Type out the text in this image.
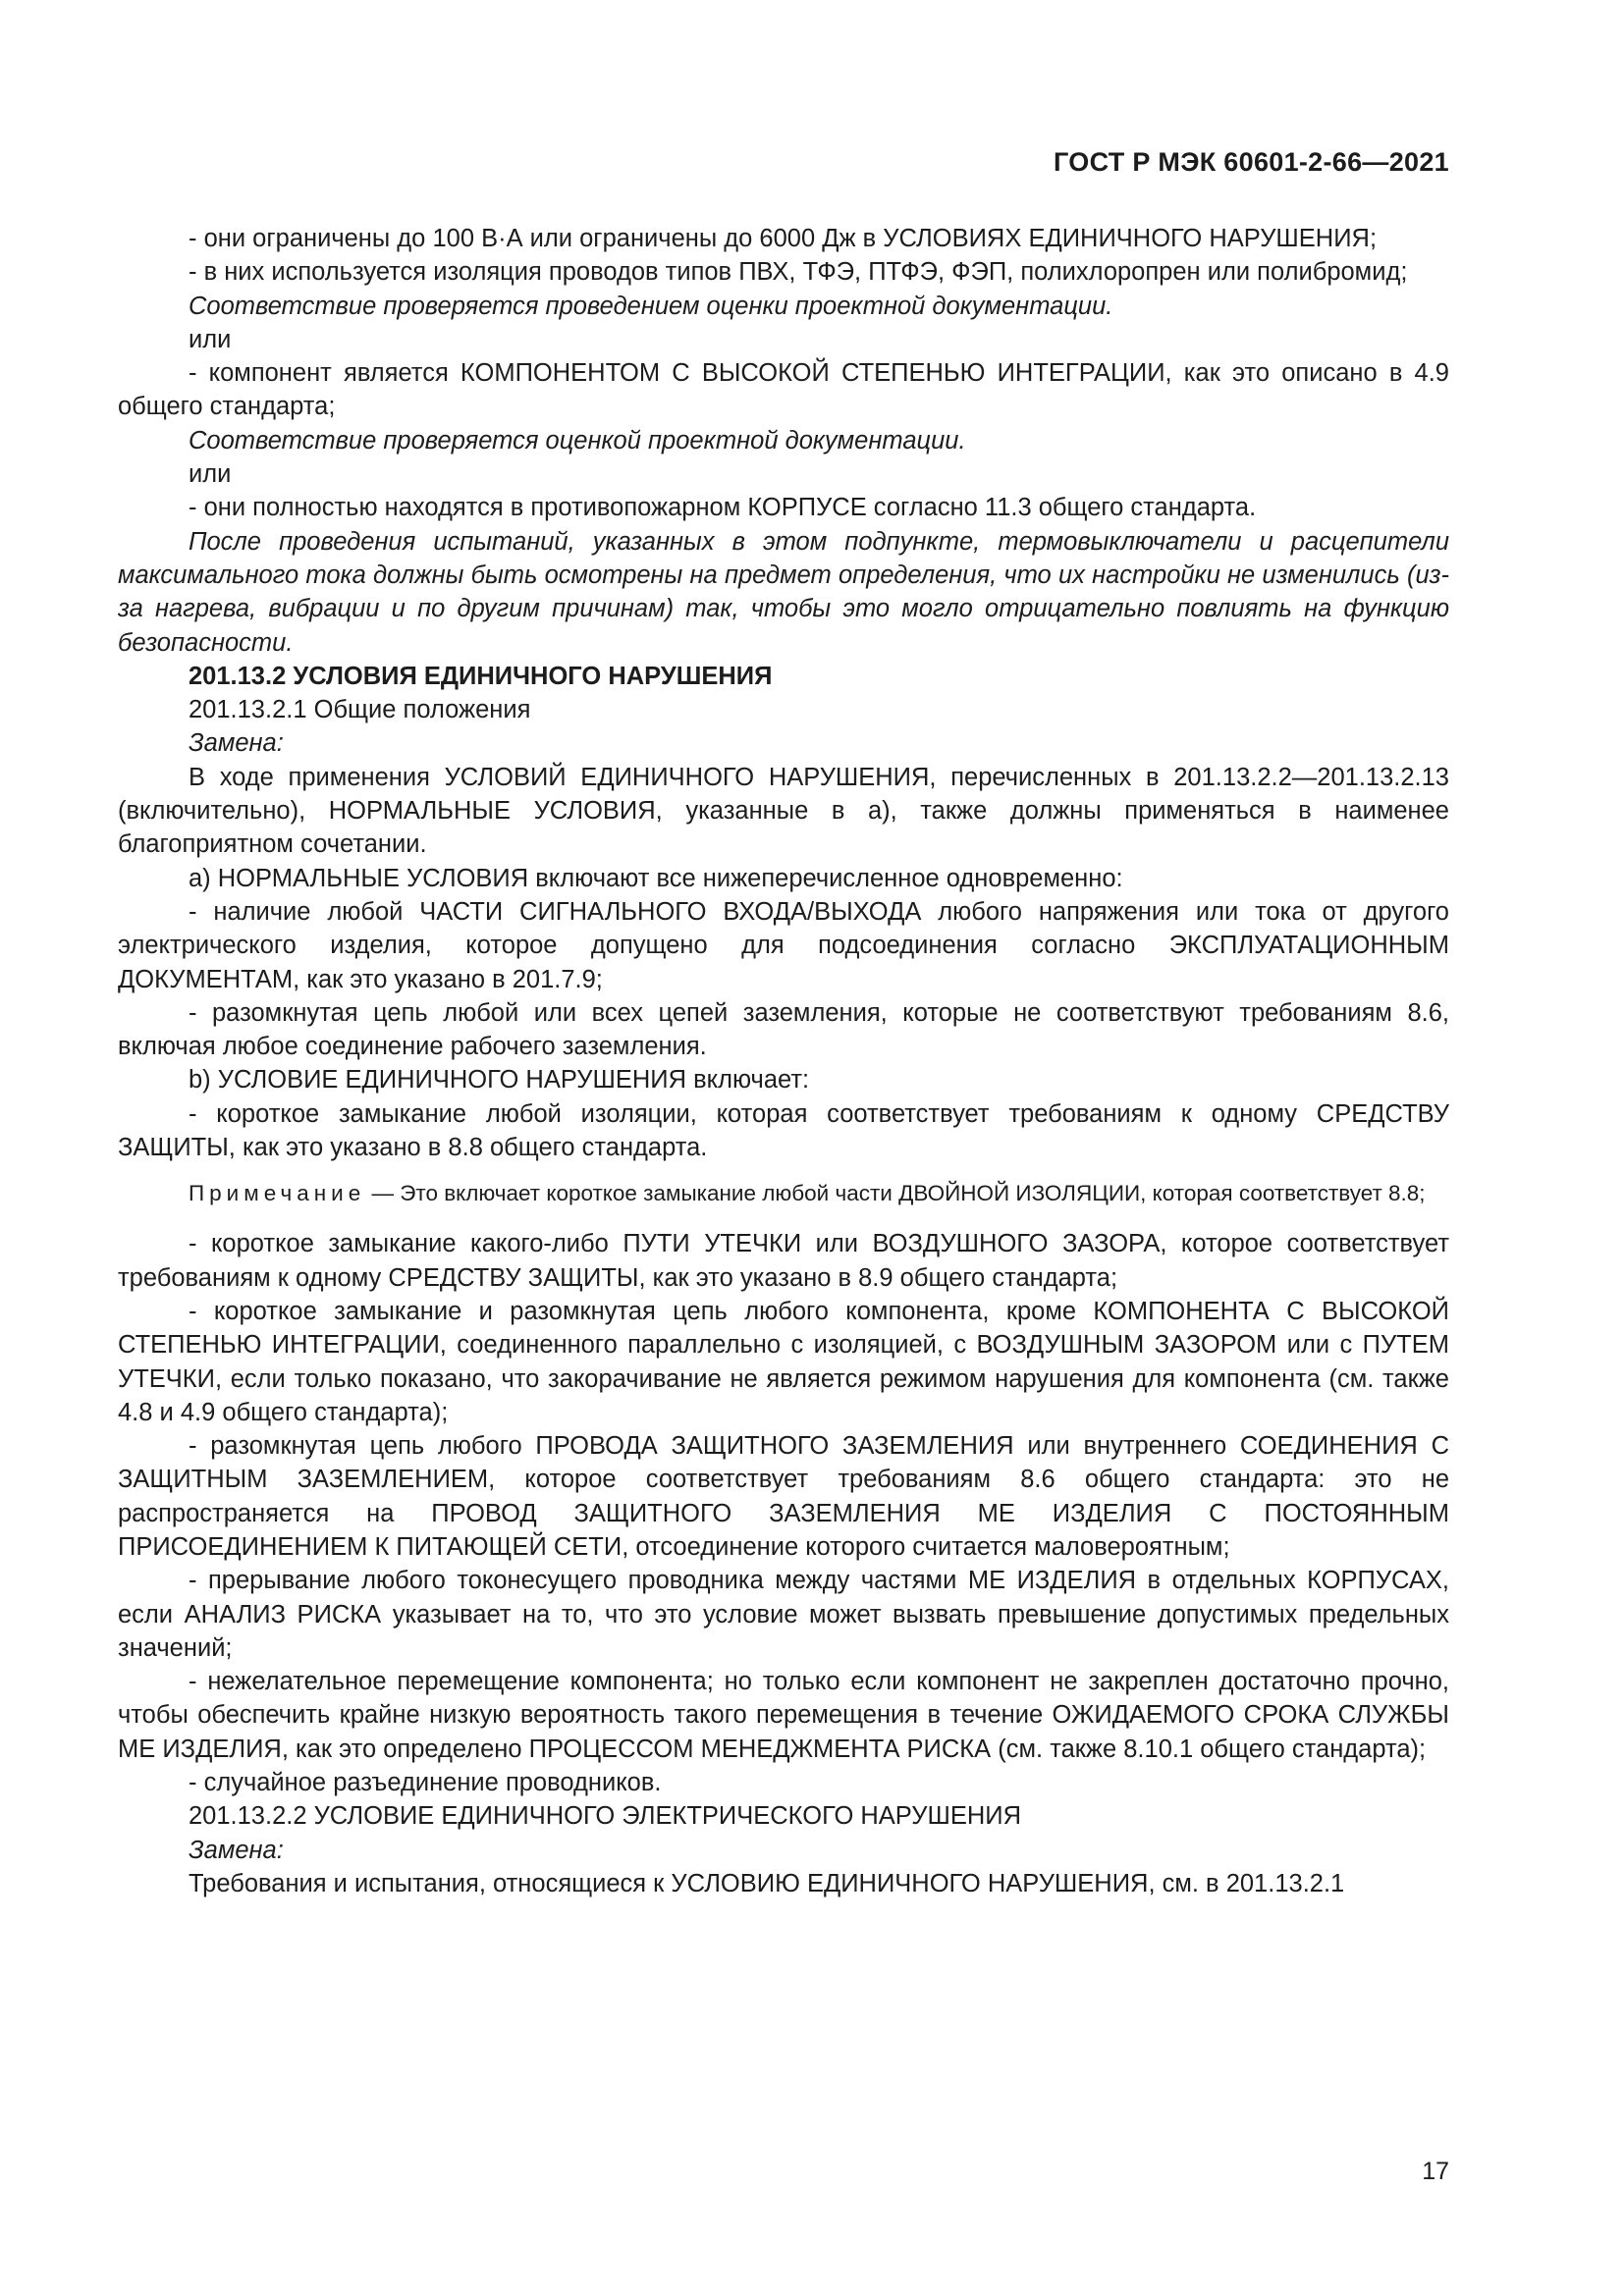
ГОСТ Р МЭК 60601-2-66—2021

- они ограничены до 100 В·А или ограничены до 6000 Дж в УСЛОВИЯХ ЕДИНИЧНОГО НАРУШЕНИЯ;

- в них используется изоляция проводов типов ПВХ, ТФЭ, ПТФЭ, ФЭП, полихлоропрен или полибромид;

Соответствие проверяется проведением оценки проектной документации.

или

- компонент является КОМПОНЕНТОМ С ВЫСОКОЙ СТЕПЕНЬЮ ИНТЕГРАЦИИ, как это описано в 4.9 общего стандарта;

Соответствие проверяется оценкой проектной документации.

или

- они полностью находятся в противопожарном КОРПУСЕ согласно 11.3 общего стандарта.

После проведения испытаний, указанных в этом подпункте, термовыключатели и расцепители максимального тока должны быть осмотрены на предмет определения, что их настройки не изменились (из-за нагрева, вибрации и по другим причинам) так, чтобы это могло отрицательно повлиять на функцию безопасности.

201.13.2 УСЛОВИЯ ЕДИНИЧНОГО НАРУШЕНИЯ

201.13.2.1 Общие положения

Замена:

В ходе применения УСЛОВИЙ ЕДИНИЧНОГО НАРУШЕНИЯ, перечисленных в 201.13.2.2—201.13.2.13 (включительно), НОРМАЛЬНЫЕ УСЛОВИЯ, указанные в а), также должны применяться в наименее благоприятном сочетании.

а) НОРМАЛЬНЫЕ УСЛОВИЯ включают все нижеперечисленное одновременно:

- наличие любой ЧАСТИ СИГНАЛЬНОГО ВХОДА/ВЫХОДА любого напряжения или тока от другого электрического изделия, которое допущено для подсоединения согласно ЭКСПЛУАТАЦИОННЫМ ДОКУМЕНТАМ, как это указано в 201.7.9;

- разомкнутая цепь любой или всех цепей заземления, которые не соответствуют требованиям 8.6, включая любое соединение рабочего заземления.

b) УСЛОВИЕ ЕДИНИЧНОГО НАРУШЕНИЯ включает:

- короткое замыкание любой изоляции, которая соответствует требованиям к одному СРЕДСТВУ ЗАЩИТЫ, как это указано в 8.8 общего стандарта.

Примечание — Это включает короткое замыкание любой части ДВОЙНОЙ ИЗОЛЯЦИИ, которая соответствует 8.8;

- короткое замыкание какого-либо ПУТИ УТЕЧКИ или ВОЗДУШНОГО ЗАЗОРА, которое соответствует требованиям к одному СРЕДСТВУ ЗАЩИТЫ, как это указано в 8.9 общего стандарта;

- короткое замыкание и разомкнутая цепь любого компонента, кроме КОМПОНЕНТА С ВЫСОКОЙ СТЕПЕНЬЮ ИНТЕГРАЦИИ, соединенного параллельно с изоляцией, с ВОЗДУШНЫМ ЗАЗОРОМ или с ПУТЕМ УТЕЧКИ, если только показано, что закорачивание не является режимом нарушения для компонента (см. также 4.8 и 4.9 общего стандарта);

- разомкнутая цепь любого ПРОВОДА ЗАЩИТНОГО ЗАЗЕМЛЕНИЯ или внутреннего СОЕДИНЕНИЯ С ЗАЩИТНЫМ ЗАЗЕМЛЕНИЕМ, которое соответствует требованиям 8.6 общего стандарта: это не распространяется на ПРОВОД ЗАЩИТНОГО ЗАЗЕМЛЕНИЯ МЕ ИЗДЕЛИЯ С ПОСТОЯННЫМ ПРИСОЕДИНЕНИЕМ К ПИТАЮЩЕЙ СЕТИ, отсоединение которого считается маловероятным;

- прерывание любого токонесущего проводника между частями МЕ ИЗДЕЛИЯ в отдельных КОРПУСАХ, если АНАЛИЗ РИСКА указывает на то, что это условие может вызвать превышение допустимых предельных значений;

- нежелательное перемещение компонента; но только если компонент не закреплен достаточно прочно, чтобы обеспечить крайне низкую вероятность такого перемещения в течение ОЖИДАЕМОГО СРОКА СЛУЖБЫ МЕ ИЗДЕЛИЯ, как это определено ПРОЦЕССОМ МЕНЕДЖМЕНТА РИСКА (см. также 8.10.1 общего стандарта);

- случайное разъединение проводников.

201.13.2.2 УСЛОВИЕ ЕДИНИЧНОГО ЭЛЕКТРИЧЕСКОГО НАРУШЕНИЯ

Замена:

Требования и испытания, относящиеся к УСЛОВИЮ ЕДИНИЧНОГО НАРУШЕНИЯ, см. в 201.13.2.1

17
